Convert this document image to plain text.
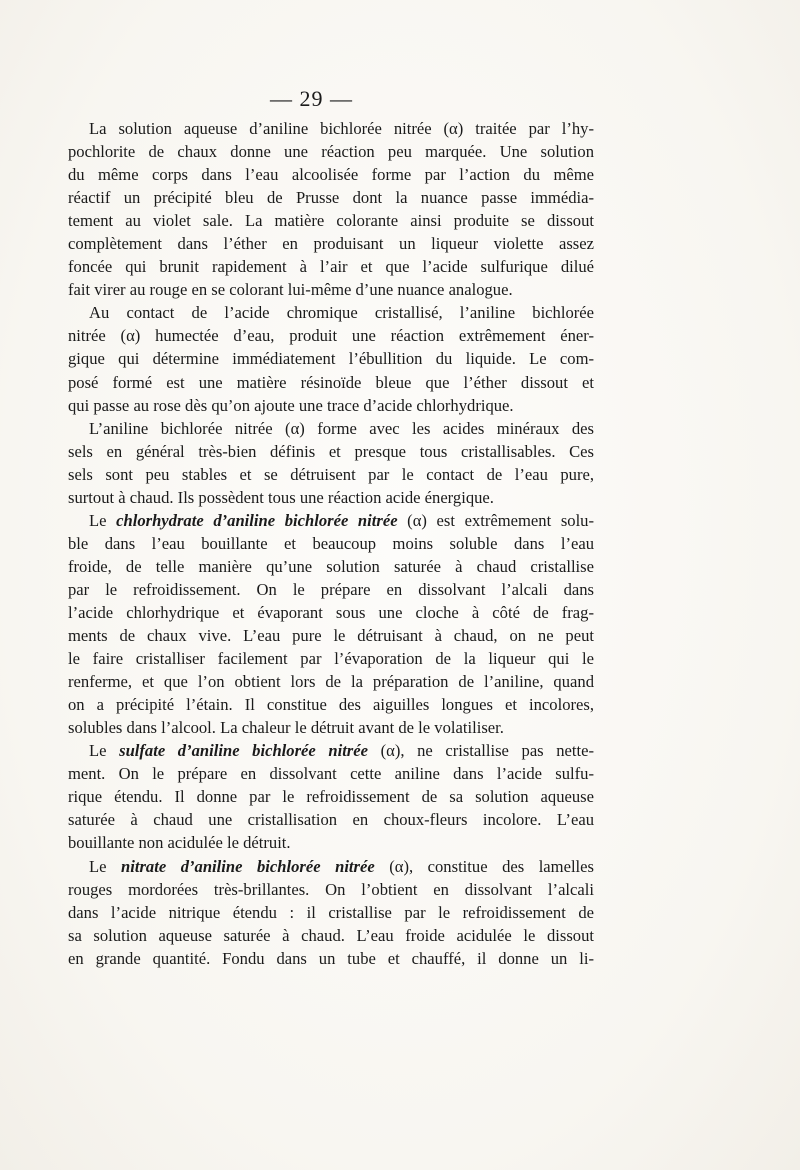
— 29 —
La solution aqueuse d’aniline bichlorée nitrée (α) traitée par l’hy-
pochlorite de chaux donne une réaction peu marquée. Une solution
du même corps dans l’eau alcoolisée forme par l’action du même
réactif un précipité bleu de Prusse dont la nuance passe immédia-
tement au violet sale. La matière colorante ainsi produite se dissout
complètement dans l’éther en produisant un liqueur violette assez
foncée qui brunit rapidement à l’air et que l’acide sulfurique dilué
fait virer au rouge en se colorant lui-même d’une nuance analogue.
Au contact de l’acide chromique cristallisé, l’aniline bichlorée
nitrée (α) humectée d’eau, produit une réaction extrêmement éner-
gique qui détermine immédiatement l’ébullition du liquide. Le com-
posé formé est une matière résinoïde bleue que l’éther dissout et
qui passe au rose dès qu’on ajoute une trace d’acide chlorhydrique.
L’aniline bichlorée nitrée (α) forme avec les acides minéraux des
sels en général très-bien définis et presque tous cristallisables. Ces
sels sont peu stables et se détruisent par le contact de l’eau pure,
surtout à chaud. Ils possèdent tous une réaction acide énergique.
Le chlorhydrate d’aniline bichlorée nitrée (α) est extrêmement solu-
ble dans l’eau bouillante et beaucoup moins soluble dans l’eau
froide, de telle manière qu’une solution saturée à chaud cristallise
par le refroidissement. On le prépare en dissolvant l’alcali dans
l’acide chlorhydrique et évaporant sous une cloche à côté de frag-
ments de chaux vive. L’eau pure le détruisant à chaud, on ne peut
le faire cristalliser facilement par l’évaporation de la liqueur qui le
renferme, et que l’on obtient lors de la préparation de l’aniline, quand
on a précipité l’étain. Il constitue des aiguilles longues et incolores,
solubles dans l’alcool. La chaleur le détruit avant de le volatiliser.
Le sulfate d’aniline bichlorée nitrée (α), ne cristallise pas nette-
ment. On le prépare en dissolvant cette aniline dans l’acide sulfu-
rique étendu. Il donne par le refroidissement de sa solution aqueuse
saturée à chaud une cristallisation en choux-fleurs incolore. L’eau
bouillante non acidulée le détruit.
Le nitrate d’aniline bichlorée nitrée (α), constitue des lamelles
rouges mordorées très-brillantes. On l’obtient en dissolvant l’alcali
dans l’acide nitrique étendu : il cristallise par le refroidissement de
sa solution aqueuse saturée à chaud. L’eau froide acidulée le dissout
en grande quantité. Fondu dans un tube et chauffé, il donne un li-
